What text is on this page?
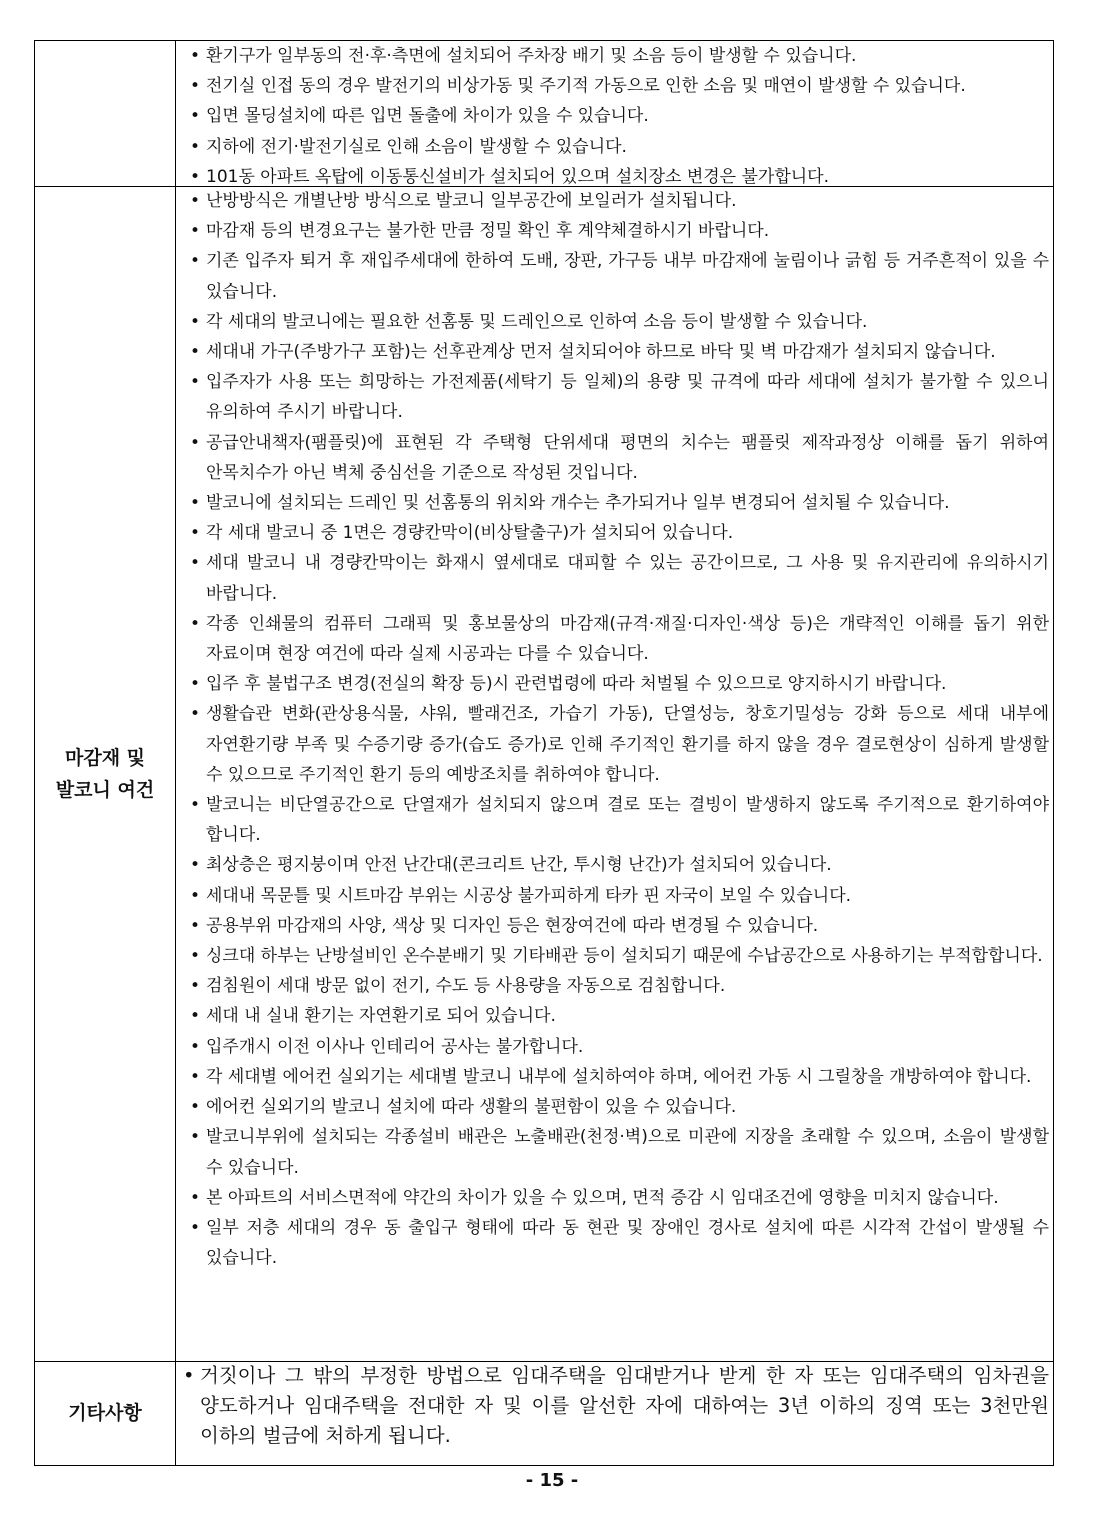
• 환기구가 일부동의 전·후·측면에 설치되어 주차장 배기 및 소음 등이 발생할 수 있습니다.
• 전기실 인접 동의 경우 발전기의 비상가동 및 주기적 가동으로 인한 소음 및 매연이 발생할 수 있습니다.
• 입면 몰딩설치에 따른 입면 돌출에 차이가 있을 수 있습니다.
• 지하에 전기·발전기실로 인해 소음이 발생할 수 있습니다.
• 101동 아파트 옥탑에 이동통신설비가 설치되어 있으며 설치장소 변경은 불가합니다.
마감재 및
발코니 여건
• 난방방식은 개별난방 방식으로 발코니 일부공간에 보일러가 설치됩니다.
• 마감재 등의 변경요구는 불가한 만큼 정밀 확인 후 계약체결하시기 바랍니다.
• 기존 입주자 퇴거 후 재입주세대에 한하여 도배, 장판, 가구등 내부 마감재에 눌림이나 긁힘 등 거주흔적이 있을 수 있습니다.
• 각 세대의 발코니에는 필요한 선홈통 및 드레인으로 인하여 소음 등이 발생할 수 있습니다.
• 세대내 가구(주방가구 포함)는 선후관계상 먼저 설치되어야 하므로 바닥 및 벽 마감재가 설치되지 않습니다.
• 입주자가 사용 또는 희망하는 가전제품(세탁기 등 일체)의 용량 및 규격에 따라 세대에 설치가 불가할 수 있으니 유의하여 주시기 바랍니다.
• 공급안내책자(팸플릿)에 표현된 각 주택형 단위세대 평면의 치수는 팸플릿 제작과정상 이해를 돕기 위하여 안목치수가 아닌 벽체 중심선을 기준으로 작성된 것입니다.
• 발코니에 설치되는 드레인 및 선홈통의 위치와 개수는 추가되거나 일부 변경되어 설치될 수 있습니다.
• 각 세대 발코니 중 1면은 경량칸막이(비상탈출구)가 설치되어 있습니다.
• 세대 발코니 내 경량칸막이는 화재시 옆세대로 대피할 수 있는 공간이므로, 그 사용 및 유지관리에 유의하시기 바랍니다.
• 각종 인쇄물의 컴퓨터 그래픽 및 홍보물상의 마감재(규격·재질·디자인·색상 등)은 개략적인 이해를 돕기 위한 자료이며 현장 여건에 따라 실제 시공과는 다를 수 있습니다.
• 입주 후 불법구조 변경(전실의 확장 등)시 관련법령에 따라 처벌될 수 있으므로 양지하시기 바랍니다.
• 생활습관 변화(관상용식물, 샤워, 빨래건조, 가습기 가동), 단열성능, 창호기밀성능 강화 등으로 세대 내부에 자연환기량 부족 및 수증기량 증가(습도 증가)로 인해 주기적인 환기를 하지 않을 경우 결로현상이 심하게 발생할 수 있으므로 주기적인 환기 등의 예방조치를 취하여야 합니다.
• 발코니는 비단열공간으로 단열재가 설치되지 않으며 결로 또는 결빙이 발생하지 않도록 주기적으로 환기하여야 합니다.
• 최상층은 평지붕이며 안전 난간대(콘크리트 난간, 투시형 난간)가 설치되어 있습니다.
• 세대내 목문틀 및 시트마감 부위는 시공상 불가피하게 타카 핀 자국이 보일 수 있습니다.
• 공용부위 마감재의 사양, 색상 및 디자인 등은 현장여건에 따라 변경될 수 있습니다.
• 싱크대 하부는 난방설비인 온수분배기 및 기타배관 등이 설치되기 때문에 수납공간으로 사용하기는 부적합합니다.
• 검침원이 세대 방문 없이 전기, 수도 등 사용량을 자동으로 검침합니다.
• 세대 내 실내 환기는 자연환기로 되어 있습니다.
• 입주개시 이전 이사나 인테리어 공사는 불가합니다.
• 각 세대별 에어컨 실외기는 세대별 발코니 내부에 설치하여야 하며, 에어컨 가동 시 그릴창을 개방하여야 합니다.
• 에어컨 실외기의 발코니 설치에 따라 생활의 불편함이 있을 수 있습니다.
• 발코니부위에 설치되는 각종설비 배관은 노출배관(천정·벽)으로 미관에 지장을 초래할 수 있으며, 소음이 발생할 수 있습니다.
• 본 아파트의 서비스면적에 약간의 차이가 있을 수 있으며, 면적 증감 시 임대조건에 영향을 미치지 않습니다.
• 일부 저층 세대의 경우 동 출입구 형태에 따라 동 현관 및 장애인 경사로 설치에 따른 시각적 간섭이 발생될 수 있습니다.
기타사항
• 거짓이나 그 밖의 부정한 방법으로 임대주택을 임대받거나 받게 한 자 또는 임대주택의 임차권을 양도하거나 임대주택을 전대한 자 및 이를 알선한 자에 대하여는 3년 이하의 징역 또는 3천만원 이하의 벌금에 처하게 됩니다.
- 15 -
